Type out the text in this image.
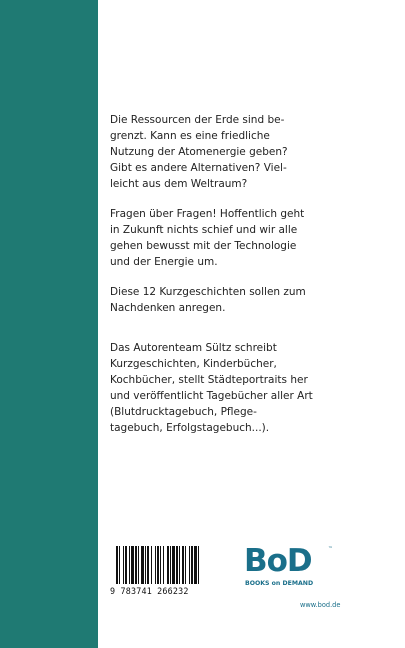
Die Ressourcen der Erde sind be-
grenzt. Kann es eine friedliche
Nutzung der Atomenergie geben?
Gibt es andere Alternativen? Viel-
leicht aus dem Weltraum?

Fragen über Fragen! Hoffentlich geht
in Zukunft nichts schief und wir alle
gehen bewusst mit der Technologie
und der Energie um.

Diese 12 Kurzgeschichten sollen zum
Nachdenken anregen.

Das Autorenteam Sültz schreibt
Kurzgeschichten, Kinderbücher,
Kochbücher, stellt Städteportraits her
und veröffentlicht Tagebücher aller Art
(Blutdrucktagebuch, Pflege-
tagebuch, Erfolgstagebuch...).

9 783741 266232
BoD	™
BOOKS on DEMAND
www.bod.de
